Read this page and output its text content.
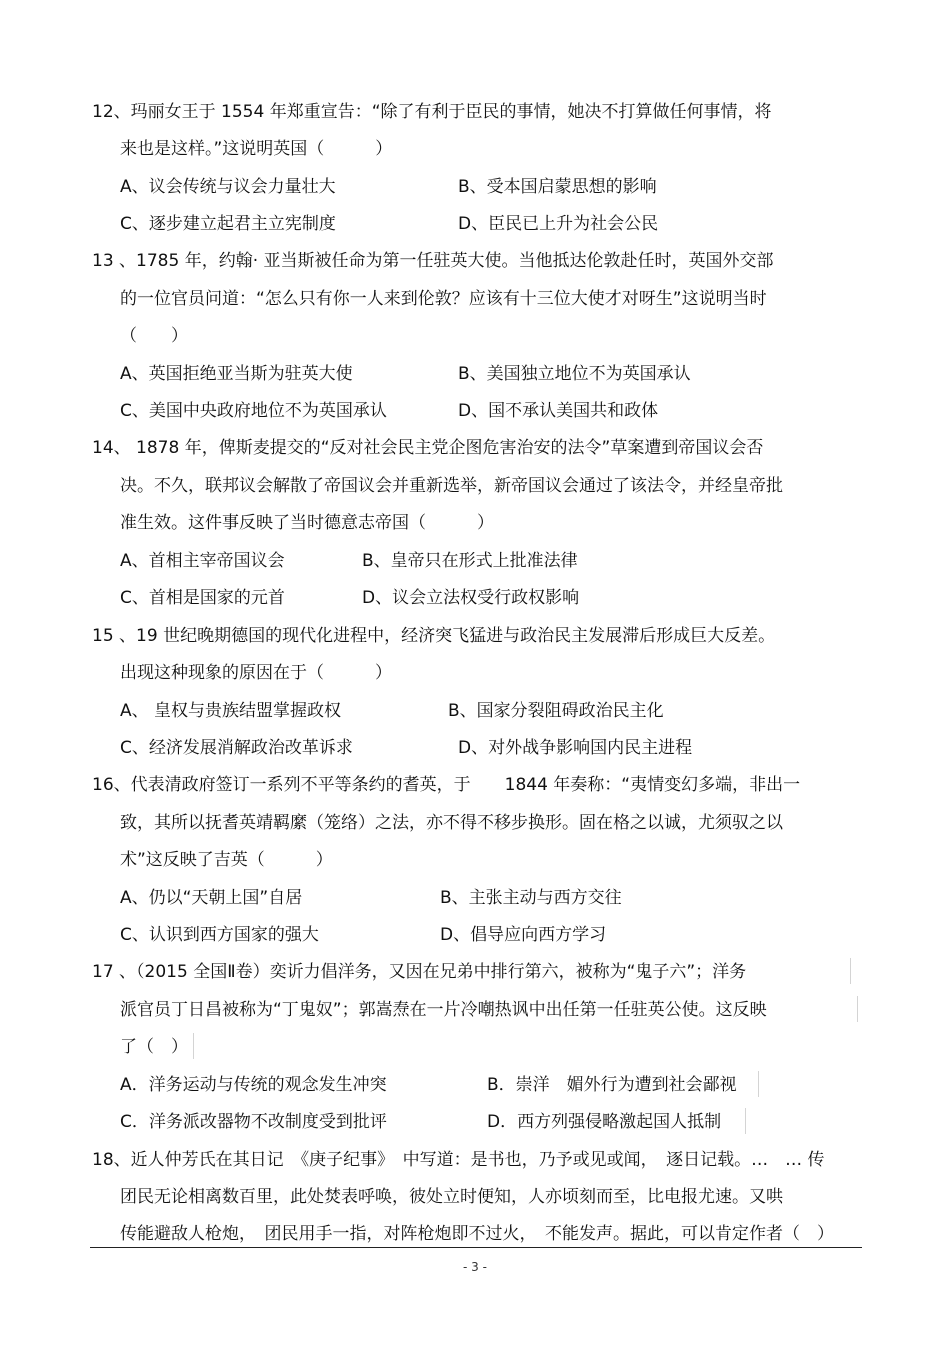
12、玛丽女王于 1554 年郑重宣告：“除了有利于臣民的事情，她决不打算做任何事情，将
来也是这样。”这说明英国（　　　）
A、议会传统与议会力量壮大	B、受本国启蒙思想的影响
C、逐步建立起君主立宪制度	D、臣民已上升为社会公民
13 、1785 年，约翰· 亚当斯被任命为第一任驻英大使。当他抵达伦敦赴任时，英国外交部
的一位官员问道：“怎么只有你一人来到伦敦？应该有十三位大使才对呀生”这说明当时
（　　）
A、英国拒绝亚当斯为驻英大使	B、美国独立地位不为英国承认
C、美国中央政府地位不为英国承认	D、国不承认美国共和政体
14、 1878 年，俾斯麦提交的“反对社会民主党企图危害治安的法令”草案遭到帝国议会否
决。不久，联邦议会解散了帝国议会并重新选举，新帝国议会通过了该法令，并经皇帝批
准生效。这件事反映了当时德意志帝国（　　　）
A、首相主宰帝国议会	B、皇帝只在形式上批准法律
C、首相是国家的元首	D、议会立法权受行政权影响
15 、19 世纪晚期德国的现代化进程中，经济突飞猛进与政治民主发展滞后形成巨大反差。
出现这种现象的原因在于（　　　）
A、 皇权与贵族结盟掌握政权	B、国家分裂阻碍政治民主化
C、经济发展消解政治改革诉求	D、对外战争影响国内民主进程
16、代表清政府签订一系列不平等条约的耆英，于　　1844 年奏称：“夷情变幻多端，非出一
致，其所以抚耆英靖羁縻（笼络）之法，亦不得不移步换形。固在格之以诚，尤须驭之以
术”这反映了吉英（　　　）
A、仍以“天朝上国”自居	B、主张主动与西方交往
C、认识到西方国家的强大	D、倡导应向西方学习
17 、（2015 全国Ⅱ卷）奕䜣力倡洋务，又因在兄弟中排行第六，被称为“鬼子六”；洋务
派官员丁日昌被称为“丁鬼奴”；郭嵩焘在一片冷嘲热讽中出任第一任驻英公使。这反映
了（　）
A．洋务运动与传统的观念发生冲突	B．崇洋　媚外行为遭到社会鄙视
C．洋务派改器物不改制度受到批评	D．西方列强侵略激起国人抵制
18、近人仲芳氏在其日记　《庚子纪事》　中写道：是书也，乃予或见或闻，　逐日记载。…　… 传
团民无论相离数百里，此处焚表呼唤，彼处立时便知，人亦顷刻而至，比电报尤速。又哄
传能避敌人枪炮，　团民用手一指，对阵枪炮即不过火，　不能发声。据此，可以肯定作者（　）
- 3 -
